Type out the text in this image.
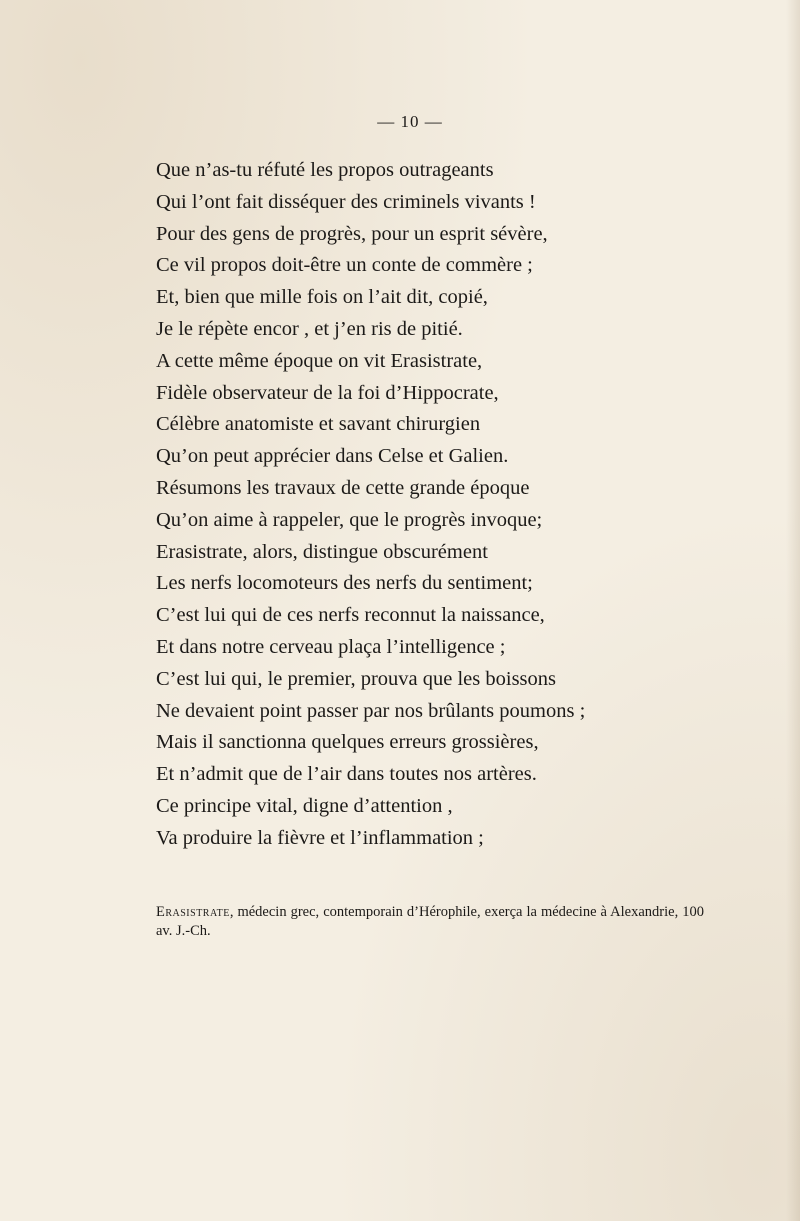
— 10 —
Que n’as-tu réfuté les propos outrageants
Qui l’ont fait disséquer des criminels vivants !
Pour des gens de progrès, pour un esprit sévère,
Ce vil propos doit-être un conte de commère ;
Et, bien que mille fois on l’ait dit, copié,
Je le répète encor , et j’en ris de pitié.
A cette même époque on vit Erasistrate,
Fidèle observateur de la foi d’Hippocrate,
Célèbre anatomiste et savant chirurgien
Qu’on peut apprécier dans Celse et Galien.
Résumons les travaux de cette grande époque
Qu’on aime à rappeler, que le progrès invoque;
Erasistrate, alors, distingue obscurément
Les nerfs locomoteurs des nerfs du sentiment;
C’est lui qui de ces nerfs reconnut la naissance,
Et dans notre cerveau plaça l’intelligence ;
C’est lui qui, le premier, prouva que les boissons
Ne devaient point passer par nos brûlants poumons ;
Mais il sanctionna quelques erreurs grossières,
Et n’admit que de l’air dans toutes nos artères.
Ce principe vital, digne d’attention ,
Va produire la fièvre et l’inflammation ;
Erasistrate, médecin grec, contemporain d’Hérophile, exerça la médecine à Alexandrie, 100 av. J.-Ch.
